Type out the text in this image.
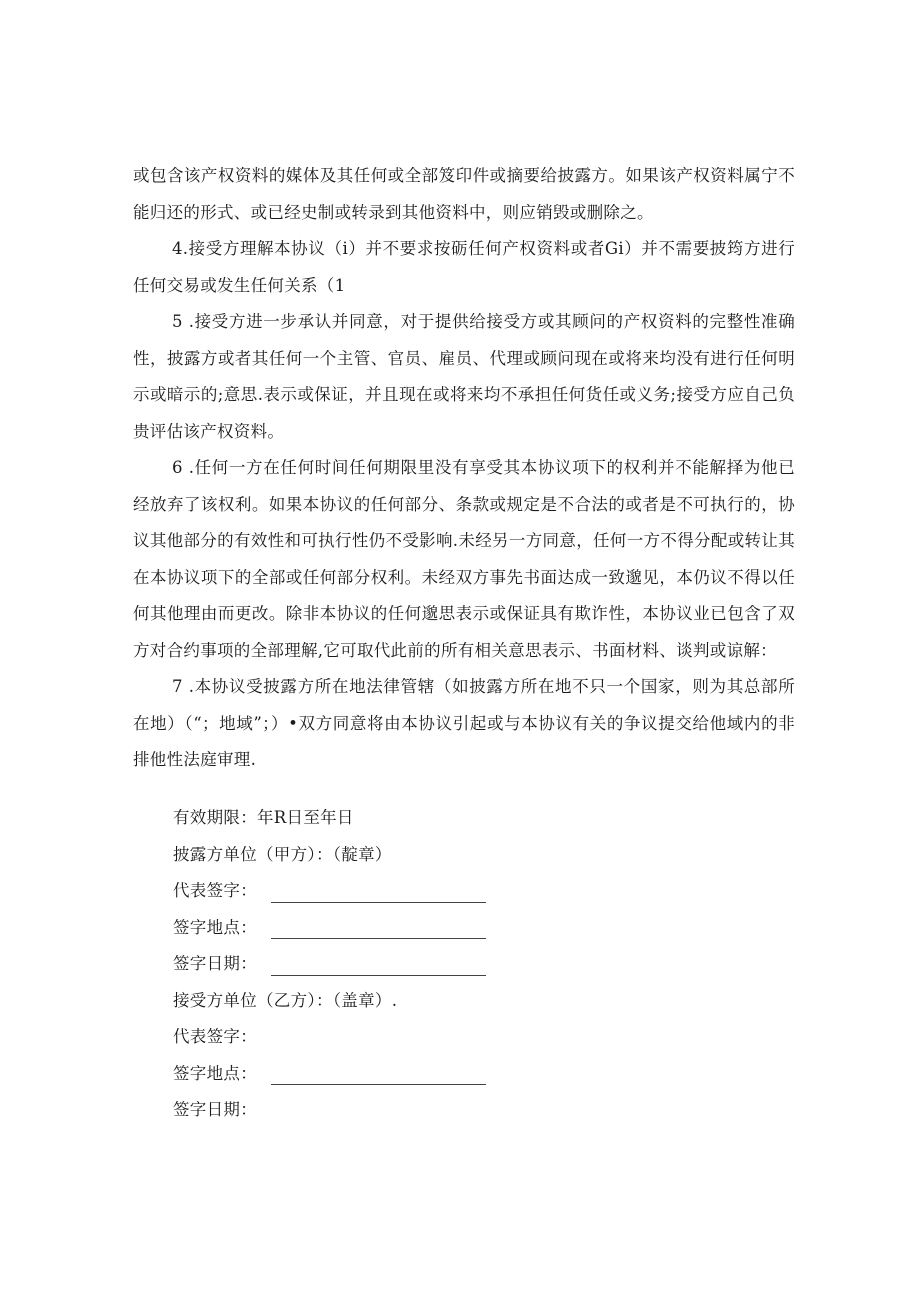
或包含该产权资料的媒体及其任何或全部笈印件或摘要给披露方。如果该产权资料属宁不能归还的形式、或已经史制或转录到其他资料中，则应销毁或删除之。

4.接受方理解本协议（i）并不要求按砺任何产权资料或者Gi）并不需要披筠方进行任何交易或发生任何关系（1

5 .接受方进一步承认并同意，对于提供给接受方或其顾问的产权资料的完整性准确性，披露方或者其任何一个主管、官员、雇员、代理或顾问现在或将来均没有进行任何明示或暗示的;意思.表示或保证，并且现在或将来均不承担任何货任或义务;接受方应自己负贵评估该产权资料。

6 .任何一方在任何时间任何期限里没有享受其本协议项下的权利并不能解择为他已经放弃了该权利。如果本协议的任何部分、条款或规定是不合法的或者是不可执行的，协议其他部分的有效性和可执行性仍不受影响.未经另一方同意，任何一方不得分配或转让其在本协议项下的全部或任何部分权利。未经双方事先书面达成一致邈见，本仍议不得以任何其他理由而更改。除非本协议的任何邈思表示或保证具有欺诈性，本协议业已包含了双方对合约事项的全部理解,它可取代此前的所有相关意思表示、书面材料、谈判或谅解：

7 .本协议受披露方所在地法律管辖（如披露方所在地不只一个国家，则为其总部所在地）（“；地域”；）•双方同意将由本协议引起或与本协议有关的争议提交给他域内的非排他性法庭审理.

有效期限：年R日至年日
披露方单位（甲方）：（靛章）
代表签字：
签字地点：
签字日期：
接受方单位（乙方）：（盖章）.
代表签字：
签字地点：
签字日期：
